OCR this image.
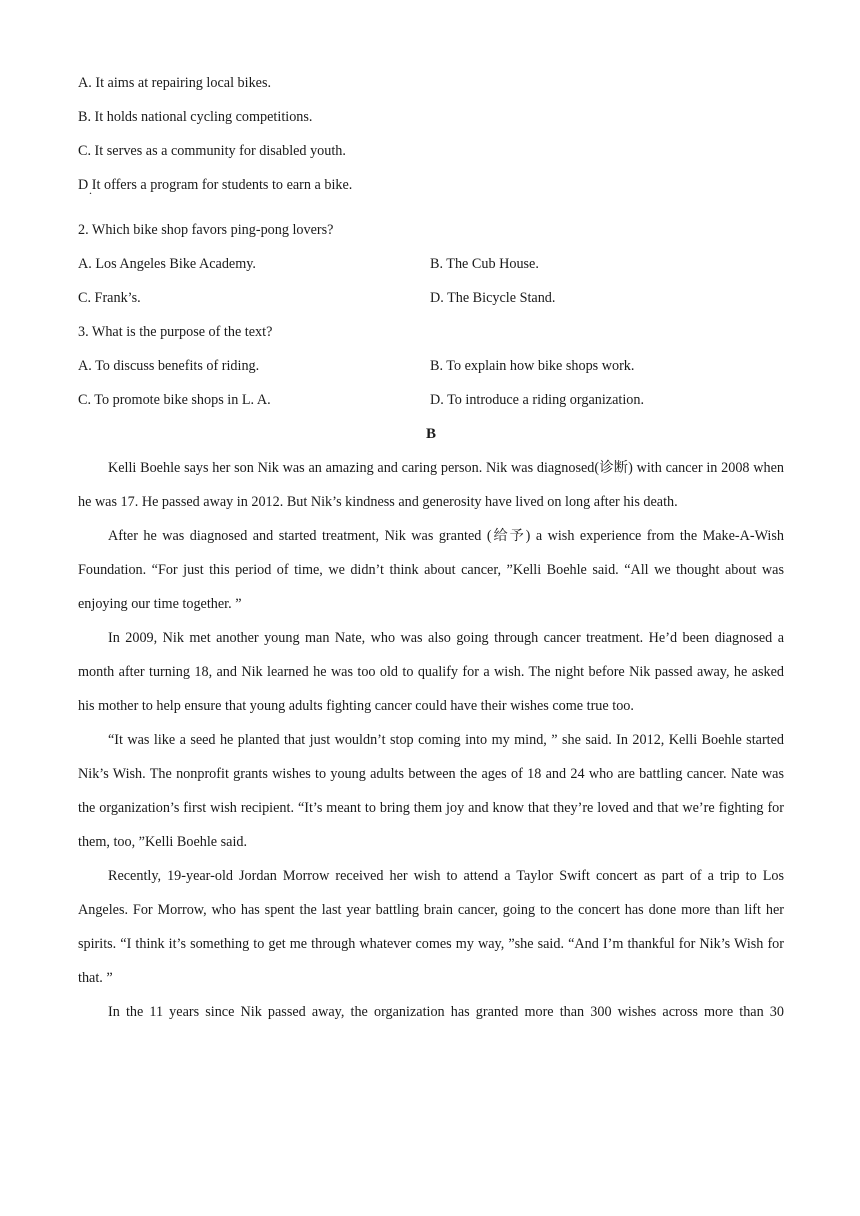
A. It aims at repairing local bikes.
B. It holds national cycling competitions.
C. It serves as a community for disabled youth.
D . It offers a program for students to earn a bike.
2. Which bike shop favors ping-pong lovers?
A. Los Angeles Bike Academy.	B. The Cub House.
C. Frank’s.	D. The Bicycle Stand.
3. What is the purpose of the text?
A. To discuss benefits of riding.	B. To explain how bike shops work.
C. To promote bike shops in L. A.	D. To introduce a riding organization.
B

Kelli Boehle says her son Nik was an amazing and caring person. Nik was diagnosed(诊断) with cancer in 2008 when he was 17. He passed away in 2012. But Nik’s kindness and generosity have lived on long after his death.

After he was diagnosed and started treatment, Nik was granted (给予) a wish experience from the Make-A-Wish Foundation. “For just this period of time, we didn’t think about cancer, ”Kelli Boehle said. “All we thought about was enjoying our time together. ”

In 2009, Nik met another young man Nate, who was also going through cancer treatment. He’d been diagnosed a month after turning 18, and Nik learned he was too old to qualify for a wish. The night before Nik passed away, he asked his mother to help ensure that young adults fighting cancer could have their wishes come true too.

“It was like a seed he planted that just wouldn’t stop coming into my mind, ” she said. In 2012, Kelli Boehle started Nik’s Wish. The nonprofit grants wishes to young adults between the ages of 18 and 24 who are battling cancer. Nate was the organization’s first wish recipient. “It’s meant to bring them joy and know that they’re loved and that we’re fighting for them, too, ”Kelli Boehle said.

Recently, 19-year-old Jordan Morrow received her wish to attend a Taylor Swift concert as part of a trip to Los Angeles. For Morrow, who has spent the last year battling brain cancer, going to the concert has done more than lift her spirits. “I think it’s something to get me through whatever comes my way, ”she said. “And I’m thankful for Nik’s Wish for that. ”

In the 11 years since Nik passed away, the organization has granted more than 300 wishes across more than 30
